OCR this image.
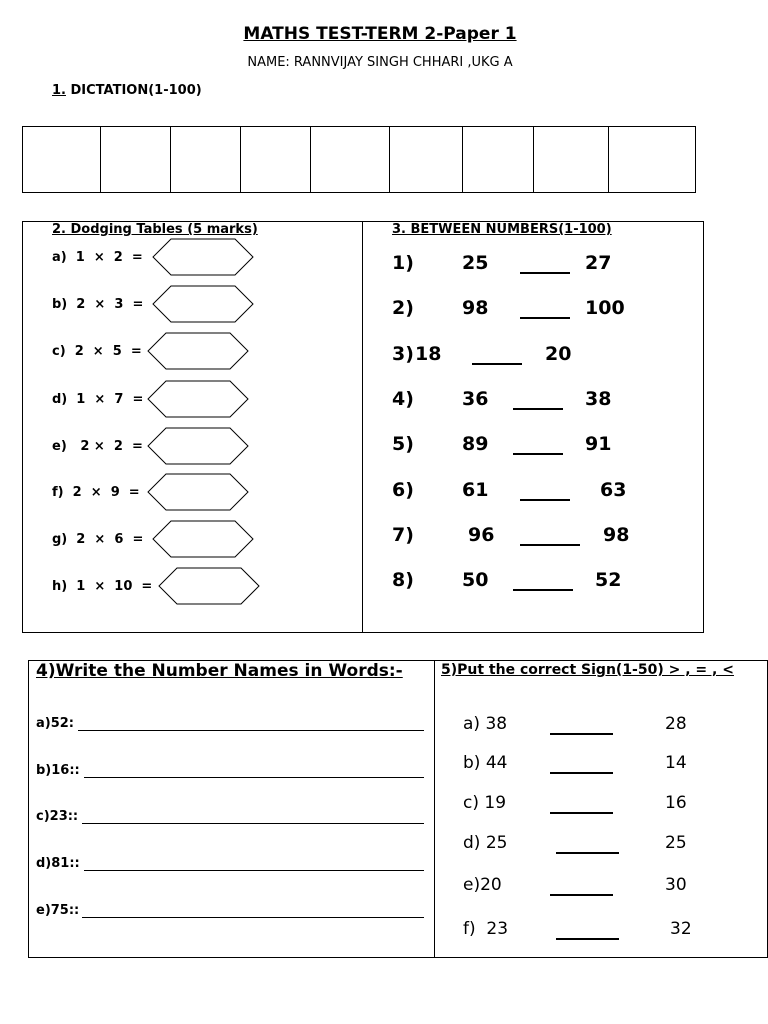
MATHS TEST-TERM 2-Paper 1
NAME: RANNVIJAY SINGH CHHARI ,UKG A
1. DICTATION(1-100)
2. Dodging Tables (5 marks)	3. BETWEEN NUMBERS(1-100)
a)  1  ×  2  =
b)  2  ×  3  =
c)  2  ×  5  =
d)  1  ×  7  =
e)   2 ×  2  =
f)  2  ×  9  =
g)  2  ×  6  =
h)  1  ×  10  =
1)	25	27
2)	98	100
3) 18	20
4)	36	38
5)	89	91
6)	61	63
7)	96	98
8)	50	52
4)Write the Number Names in Words:-	5)Put the correct Sign(1-50) > , = , <
a)52:
b)16::
c)23::
d)81::
e)75::
a) 38	28
b) 44	14
c) 19	16
d) 25	25
e)20	30
f)  23	32
